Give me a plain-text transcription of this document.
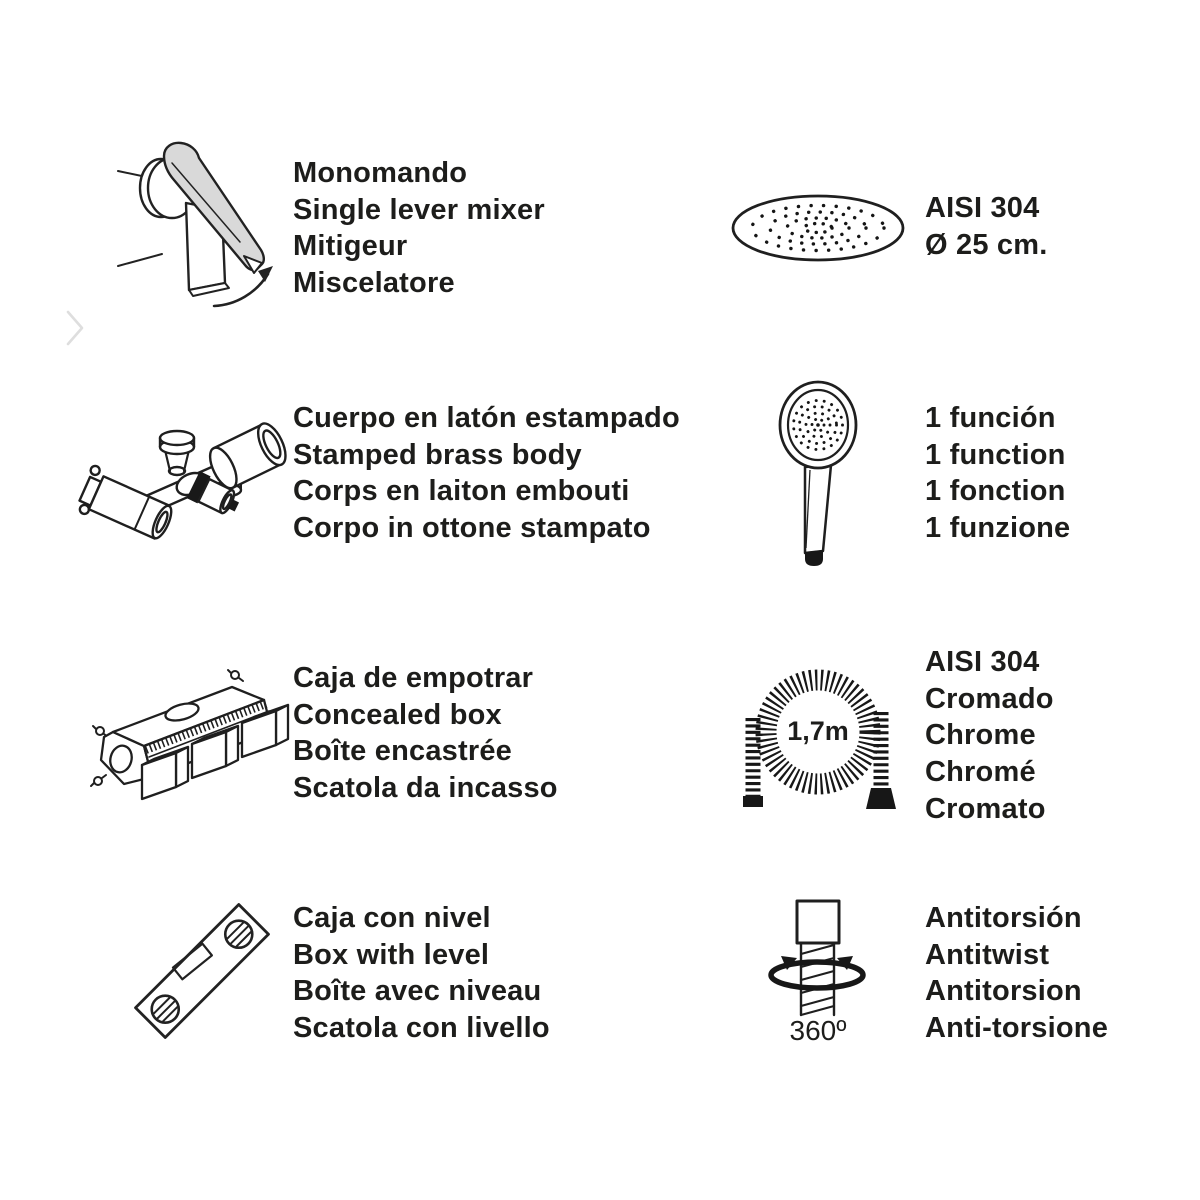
Monomando
Single lever mixer
Mitigeur
Miscelatore
AISI 304
Ø 25 cm.
Cuerpo en latón estampado
Stamped brass body
Corps en laiton embouti
Corpo in ottone stampato
1 función
1 function
1 fonction
1 funzione
Caja de empotrar
Concealed box
Boîte encastrée
Scatola da incasso
1,7m
AISI 304
Cromado
Chrome
Chromé
Cromato
Caja con nivel
Box with level
Boîte avec niveau
Scatola con livello	360º
Antitorsión
Antitwist
Antitorsion
Anti-torsione
